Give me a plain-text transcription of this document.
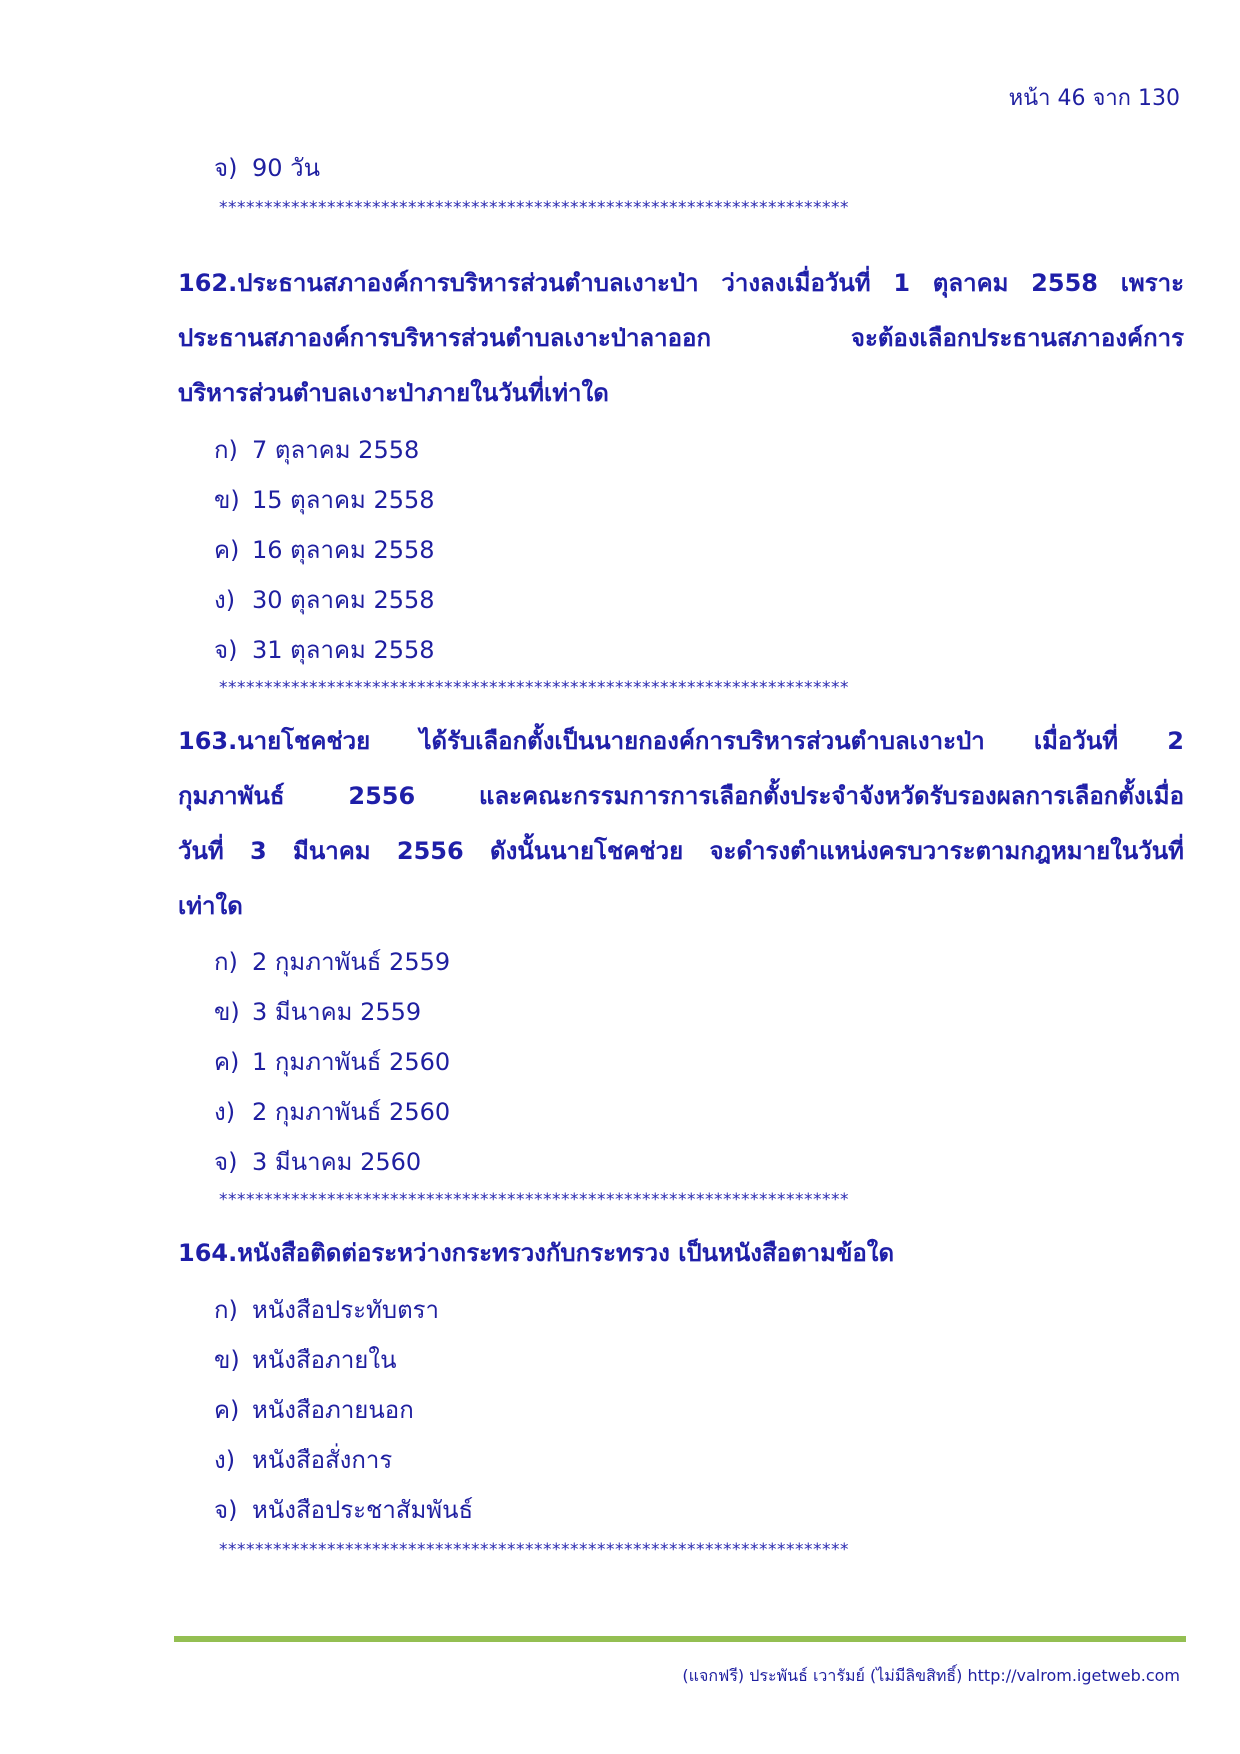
หน้า 46 จาก 130
จ) 90 วัน
**********************************************************************
162.ประธานสภาองค์การบริหารส่วนตำบลเงาะป่า ว่างลงเมื่อวันที่ 1 ตุลาคม 2558 เพราะ
ประธานสภาองค์การบริหารส่วนตำบลเงาะป่าลาออก จะต้องเลือกประธานสภาองค์การ
บริหารส่วนตำบลเงาะป่าภายในวันที่เท่าใด
ก) 7 ตุลาคม 2558
ข) 15 ตุลาคม 2558
ค) 16 ตุลาคม 2558
ง) 30 ตุลาคม 2558
จ) 31 ตุลาคม 2558
**********************************************************************
163.นายโชคช่วย ได้รับเลือกตั้งเป็นนายกองค์การบริหารส่วนตำบลเงาะป่า เมื่อวันที่ 2
กุมภาพันธ์ 2556 และคณะกรรมการการเลือกตั้งประจำจังหวัดรับรองผลการเลือกตั้งเมื่อ
วันที่ 3 มีนาคม 2556 ดังนั้นนายโชคช่วย จะดำรงตำแหน่งครบวาระตามกฎหมายในวันที่
เท่าใด
ก) 2 กุมภาพันธ์ 2559
ข) 3 มีนาคม 2559
ค) 1 กุมภาพันธ์ 2560
ง) 2 กุมภาพันธ์ 2560
จ) 3 มีนาคม 2560
**********************************************************************
164.หนังสือติดต่อระหว่างกระทรวงกับกระทรวง เป็นหนังสือตามข้อใด
ก) หนังสือประทับตรา
ข) หนังสือภายใน
ค) หนังสือภายนอก
ง) หนังสือสั่งการ
จ) หนังสือประชาสัมพันธ์
**********************************************************************
(แจกฟรี) ประพันธ์ เวารัมย์ (ไม่มีลิขสิทธิ์) http://valrom.igetweb.com
